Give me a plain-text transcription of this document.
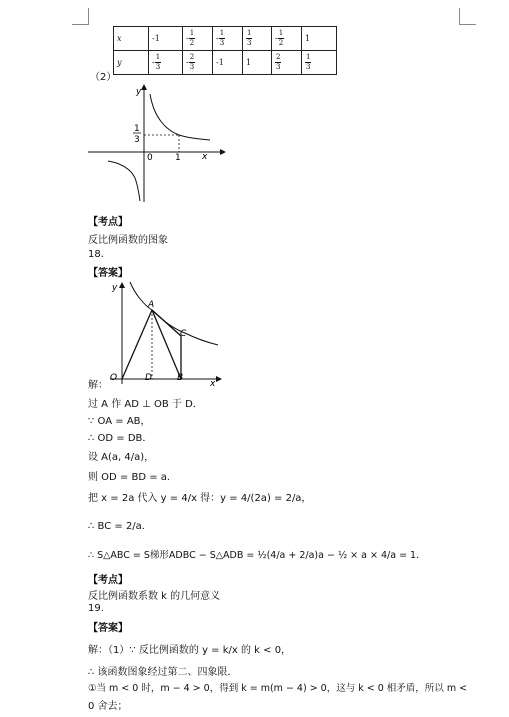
x	-1	- $\frac{1}{2}$	- $\frac{1}{3}$	$\frac{1}{3}$	- $\frac{1}{2}$	1
y	- $\frac{1}{3}$	- $\frac{2}{3}$	-1	1	$\frac{2}{3}$	$\frac{1}{3}$
（2）
y
x
0 1
1
3
【考点】
反比例函数的图象
18.
【答案】
y
x
A
C
O	D	B
解：
过 A 作 AD ⊥ OB 于 D．
∵ OA = AB，
∴ OD = DB．
设 A(a, 4/a)，
则 OD = BD = a．
把 x = 2a 代入 y = 4/x 得：y = 4/(2a) = 2/a，
∴ BC = 2/a．
∴ S△ABC = S梯形ADBC − S△ADB = ½(4/a + 2/a)a − ½ × a × 4/a = 1．
【考点】
反比例函数系数 k 的几何意义
19.
【答案】
解：（1）∵ 反比例函数的 y = k/x 的 k < 0，
∴ 该函数图象经过第二、四象限．
①当 m < 0 时，m − 4 > 0，得到 k = m(m − 4) > 0，这与 k < 0 相矛盾，所以 m <
0 舍去；
